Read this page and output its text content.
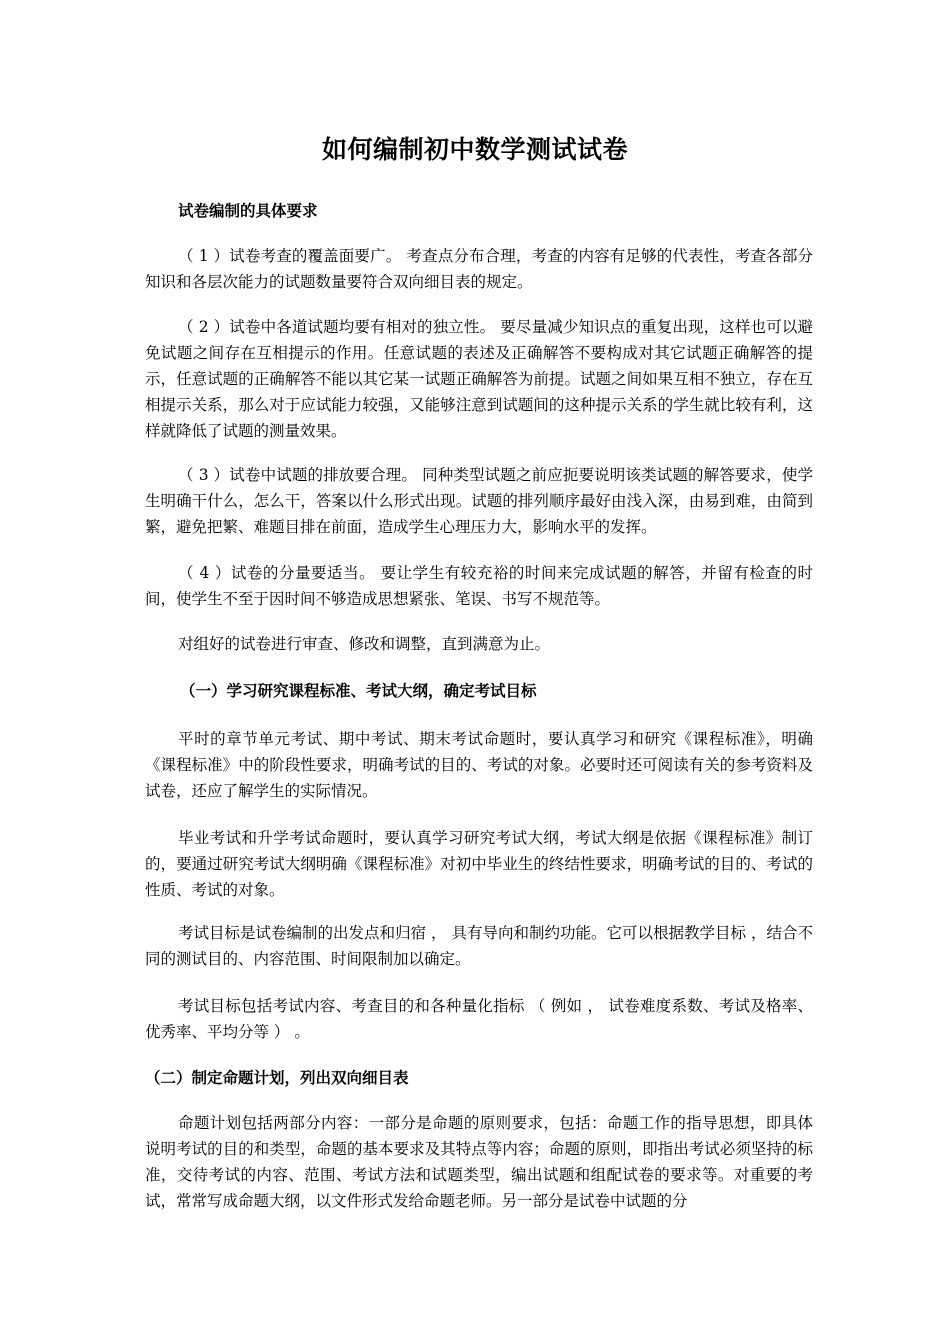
如何编制初中数学测试试卷

试卷编制的具体要求

（ 1 ）试卷考查的覆盖面要广。 考查点分布合理，考查的内容有足够的代表性，考查各部分知识和各层次能力的试题数量要符合双向细目表的规定。

（ 2 ）试卷中各道试题均要有相对的独立性。 要尽量减少知识点的重复出现，这样也可以避免试题之间存在互相提示的作用。任意试题的表述及正确解答不要构成对其它试题正确解答的提示，任意试题的正确解答不能以其它某一试题正确解答为前提。试题之间如果互相不独立，存在互相提示关系，那么对于应试能力较强，又能够注意到试题间的这种提示关系的学生就比较有利，这样就降低了试题的测量效果。

（ 3 ）试卷中试题的排放要合理。 同种类型试题之前应扼要说明该类试题的解答要求，使学生明确干什么，怎么干，答案以什么形式出现。试题的排列顺序最好由浅入深，由易到难，由简到繁，避免把繁、难题目排在前面，造成学生心理压力大，影响水平的发挥。

（ 4 ）试卷的分量要适当。 要让学生有较充裕的时间来完成试题的解答，并留有检查的时间，使学生不至于因时间不够造成思想紧张、笔误、书写不规范等。

对组好的试卷进行审查、修改和调整，直到满意为止。

（一）学习研究课程标准、考试大纲，确定考试目标

平时的章节单元考试、期中考试、期末考试命题时，要认真学习和研究《课程标准》，明确《课程标准》中的阶段性要求，明确考试的目的、考试的对象。必要时还可阅读有关的参考资料及试卷，还应了解学生的实际情况。

毕业考试和升学考试命题时，要认真学习研究考试大纲，考试大纲是依据《课程标准》制订的，要通过研究考试大纲明确《课程标准》对初中毕业生的终结性要求，明确考试的目的、考试的性质、考试的对象。

考试目标是试卷编制的出发点和归宿 ， 具有导向和制约功能。它可以根据教学目标 ，结合不同的测试目的、内容范围、时间限制加以确定。

考试目标包括考试内容、考查目的和各种量化指标 （ 例如 ， 试卷难度系数、考试及格率、优秀率、平均分等 ） 。

（二）制定命题计划，列出双向细目表

命题计划包括两部分内容：一部分是命题的原则要求，包括：命题工作的指导思想，即具体说明考试的目的和类型，命题的基本要求及其特点等内容；命题的原则，即指出考试必须坚持的标准，交待考试的内容、范围、考试方法和试题类型，编出试题和组配试卷的要求等。对重要的考试，常常写成命题大纲，以文件形式发给命题老师。另一部分是试卷中试题的分
